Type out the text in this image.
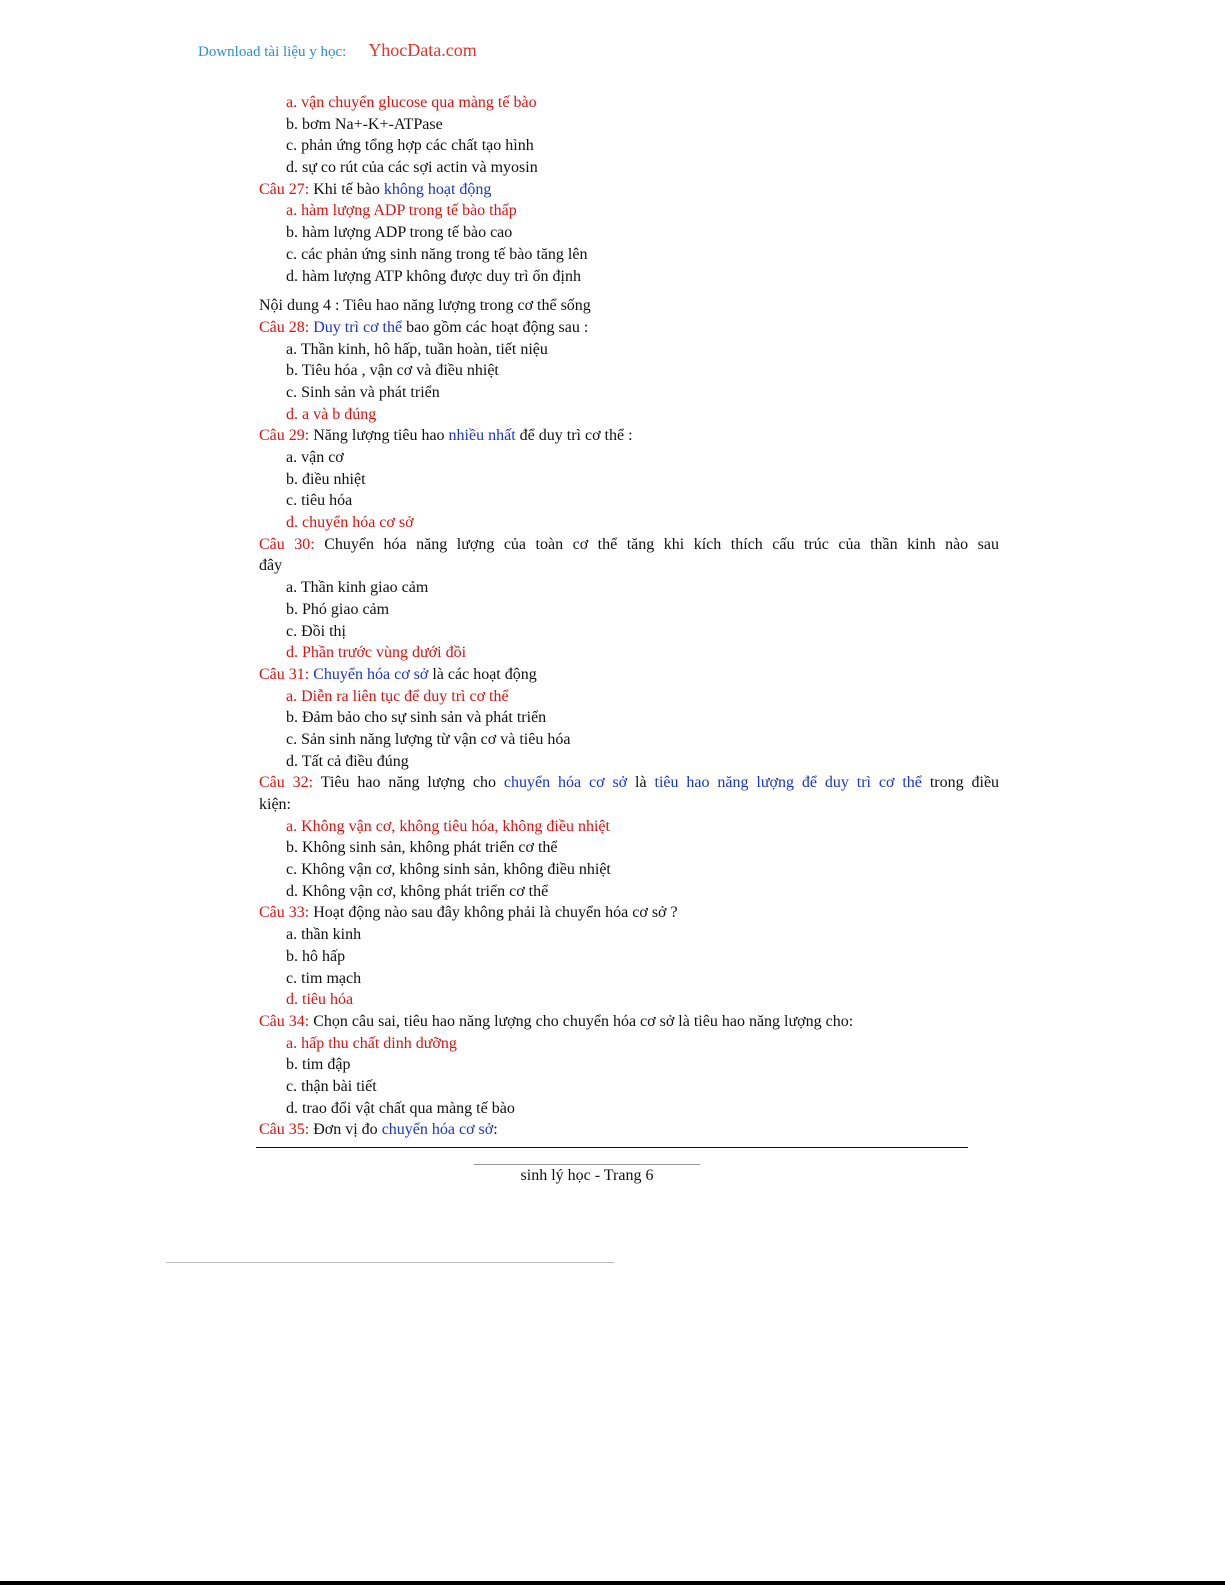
Download tài liệu y học: YhocData.com
a. vận chuyển glucose qua màng tế bào
b. bơm Na+-K+-ATPase
c. phản ứng tổng hợp các chất tạo hình
d. sự co rút của các sợi actin và myosin
Câu 27: Khi tế bào không hoạt động
a. hàm lượng ADP trong tế bào thấp
b. hàm lượng ADP trong tế bào cao
c. các phản ứng sinh năng trong tế bào tăng lên
d. hàm lượng ATP không được duy trì ổn định
Nội dung 4 : Tiêu hao năng lượng trong cơ thể sống
Câu 28: Duy trì cơ thể bao gồm các hoạt động sau :
a. Thần kinh, hô hấp, tuần hoàn, tiết niệu
b. Tiêu hóa , vận cơ và điều nhiệt
c. Sinh sản và phát triển
d. a và b đúng
Câu 29: Năng lượng tiêu hao nhiều nhất để duy trì cơ thể :
a. vận cơ
b. điều nhiệt
c. tiêu hóa
d. chuyển hóa cơ sở
Câu 30: Chuyển hóa năng lượng của toàn cơ thể tăng khi kích thích cấu trúc của thần kinh nào sau
đây
a. Thần kinh giao cảm
b. Phó giao cảm
c. Đồi thị
d. Phần trước vùng dưới đồi
Câu 31: Chuyển hóa cơ sở là các hoạt động
a. Diễn ra liên tục để duy trì cơ thể
b. Đảm bảo cho sự sinh sản và phát triển
c. Sản sinh năng lượng từ vận cơ và tiêu hóa
d. Tất cả điều đúng
Câu 32: Tiêu hao năng lượng cho chuyển hóa cơ sở là tiêu hao năng lượng để duy trì cơ thể trong điều
kiện:
a. Không vận cơ, không tiêu hóa, không điều nhiệt
b. Không sinh sản, không phát triển cơ thể
c. Không vận cơ, không sinh sản, không điều nhiệt
d. Không vận cơ, không phát triển cơ thể
Câu 33: Hoạt động nào sau đây không phải là chuyển hóa cơ sở ?
a. thần kinh
b. hô hấp
c. tim mạch
d. tiêu hóa
Câu 34: Chọn câu sai, tiêu hao năng lượng cho chuyển hóa cơ sở là tiêu hao năng lượng cho:
a. hấp thu chất dinh dưỡng
b. tim đập
c. thận bài tiết
d. trao đổi vật chất qua màng tế bào
Câu 35: Đơn vị đo chuyển hóa cơ sở:
sinh lý học - Trang 6
